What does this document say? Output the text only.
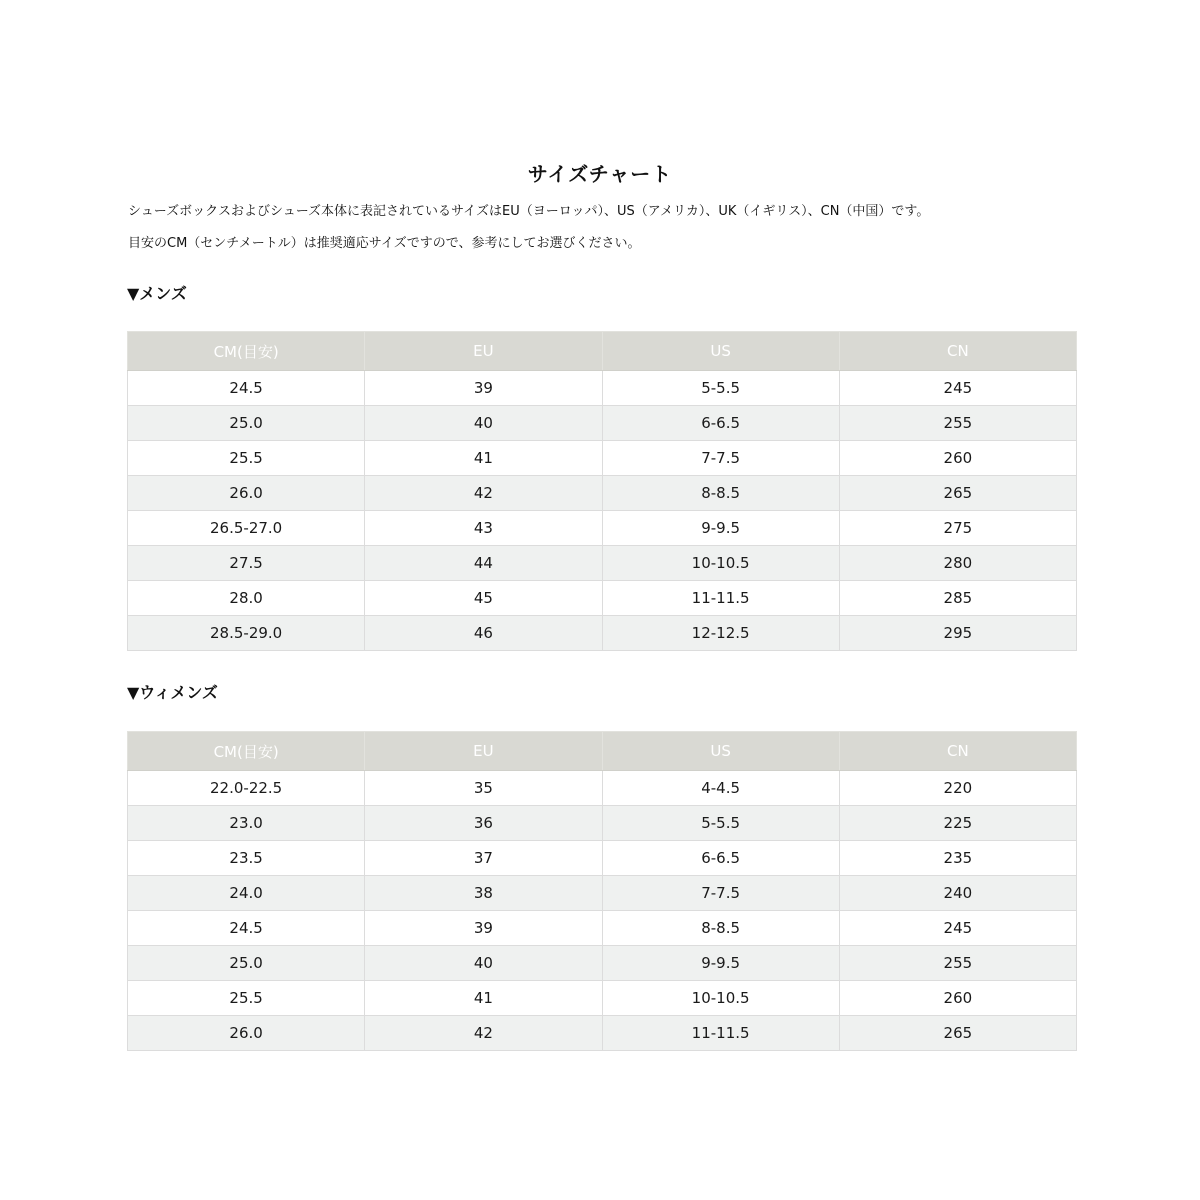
サイズチャート
シューズボックスおよびシューズ本体に表記されているサイズはEU（ヨーロッパ）、US（アメリカ）、UK（イギリス）、CN（中国）です。
目安のCM（センチメートル）は推奨適応サイズですので、参考にしてお選びください。
▼メンズ
CM(目安)	EU	US	CN
24.5	39	5-5.5	245
25.0	40	6-6.5	255
25.5	41	7-7.5	260
26.0	42	8-8.5	265
26.5-27.0	43	9-9.5	275
27.5	44	10-10.5	280
28.0	45	11-11.5	285
28.5-29.0	46	12-12.5	295
▼ウィメンズ
CM(目安)	EU	US	CN
22.0-22.5	35	4-4.5	220
23.0	36	5-5.5	225
23.5	37	6-6.5	235
24.0	38	7-7.5	240
24.5	39	8-8.5	245
25.0	40	9-9.5	255
25.5	41	10-10.5	260
26.0	42	11-11.5	265
